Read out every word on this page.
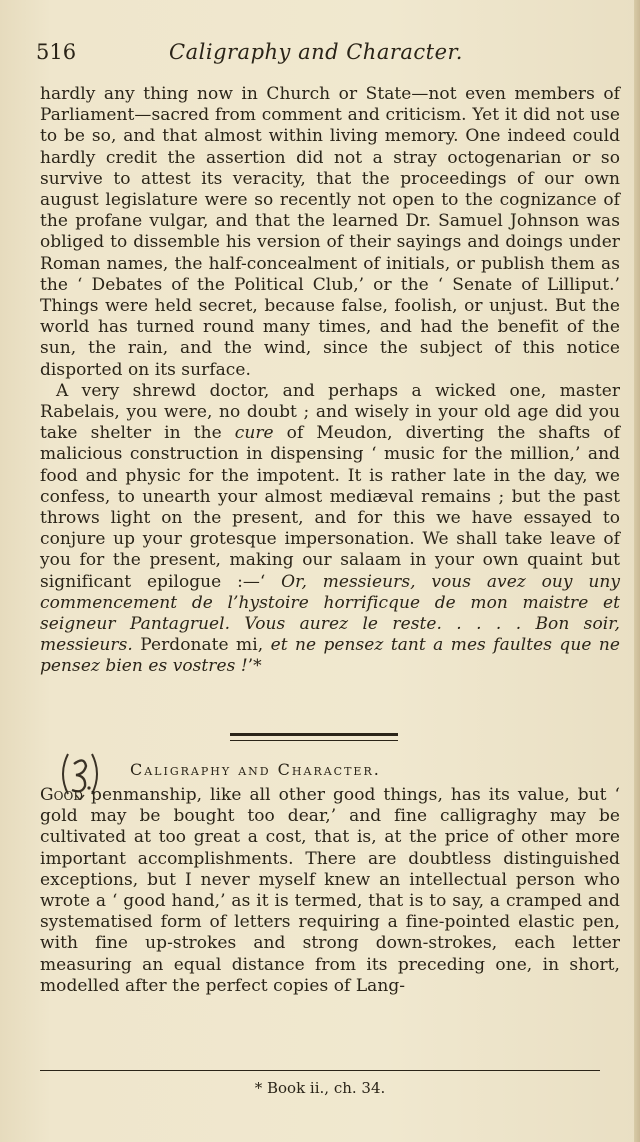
516	Caligraphy and Character.

hardly any thing now in Church or State—not even members of Parliament—sacred from comment and criticism. Yet it did not use to be so, and that almost within living memory. One indeed could hardly credit the assertion did not a stray octogenarian or so survive to attest its veracity, that the proceedings of our own august legislature were so recently not open to the cognizance of the profane vulgar, and that the learned Dr. Samuel Johnson was obliged to dissemble his version of their sayings and doings under Roman names, the half-concealment of initials, or publish them as the ‘ Debates of the Political Club,’ or the ‘ Senate of Lilliput.’ Things were held secret, because false, foolish, or unjust. But the world has turned round many times, and had the benefit of the sun, the rain, and the wind, since the subject of this notice disported on its surface.

A very shrewd doctor, and perhaps a wicked one, master Rabelais, you were, no doubt ; and wisely in your old age did you take shelter in the cure of Meudon, diverting the shafts of malicious construction in dispensing ‘ music for the million,’ and food and physic for the impotent. It is rather late in the day, we confess, to unearth your almost mediæval remains ; but the past throws light on the present, and for this we have essayed to conjure up your grotesque impersonation. We shall take leave of you for the present, making our salaam in your own quaint but significant epilogue :—‘ Or, messieurs, vous avez ouy uny commencement de l’hystoire horrificque de mon maistre et seigneur Pantagruel. Vous aurez le reste. . . . . Bon soir, messieurs. Perdonate mi, et ne pensez tant a mes faultes que ne pensez bien es vostres !’*

Caligraphy and Character.

Good penmanship, like all other good things, has its value, but ‘ gold may be bought too dear,’ and fine calligraghy may be cultivated at too great a cost, that is, at the price of other more important accomplishments. There are doubtless distinguished exceptions, but I never myself knew an intellectual person who wrote a ‘ good hand,’ as it is termed, that is to say, a cramped and systematised form of letters requiring a fine-pointed elastic pen, with fine up-strokes and strong down-strokes, each letter measuring an equal distance from its preceding one, in short, modelled after the perfect copies of Lang-

* Book ii., ch. 34.
